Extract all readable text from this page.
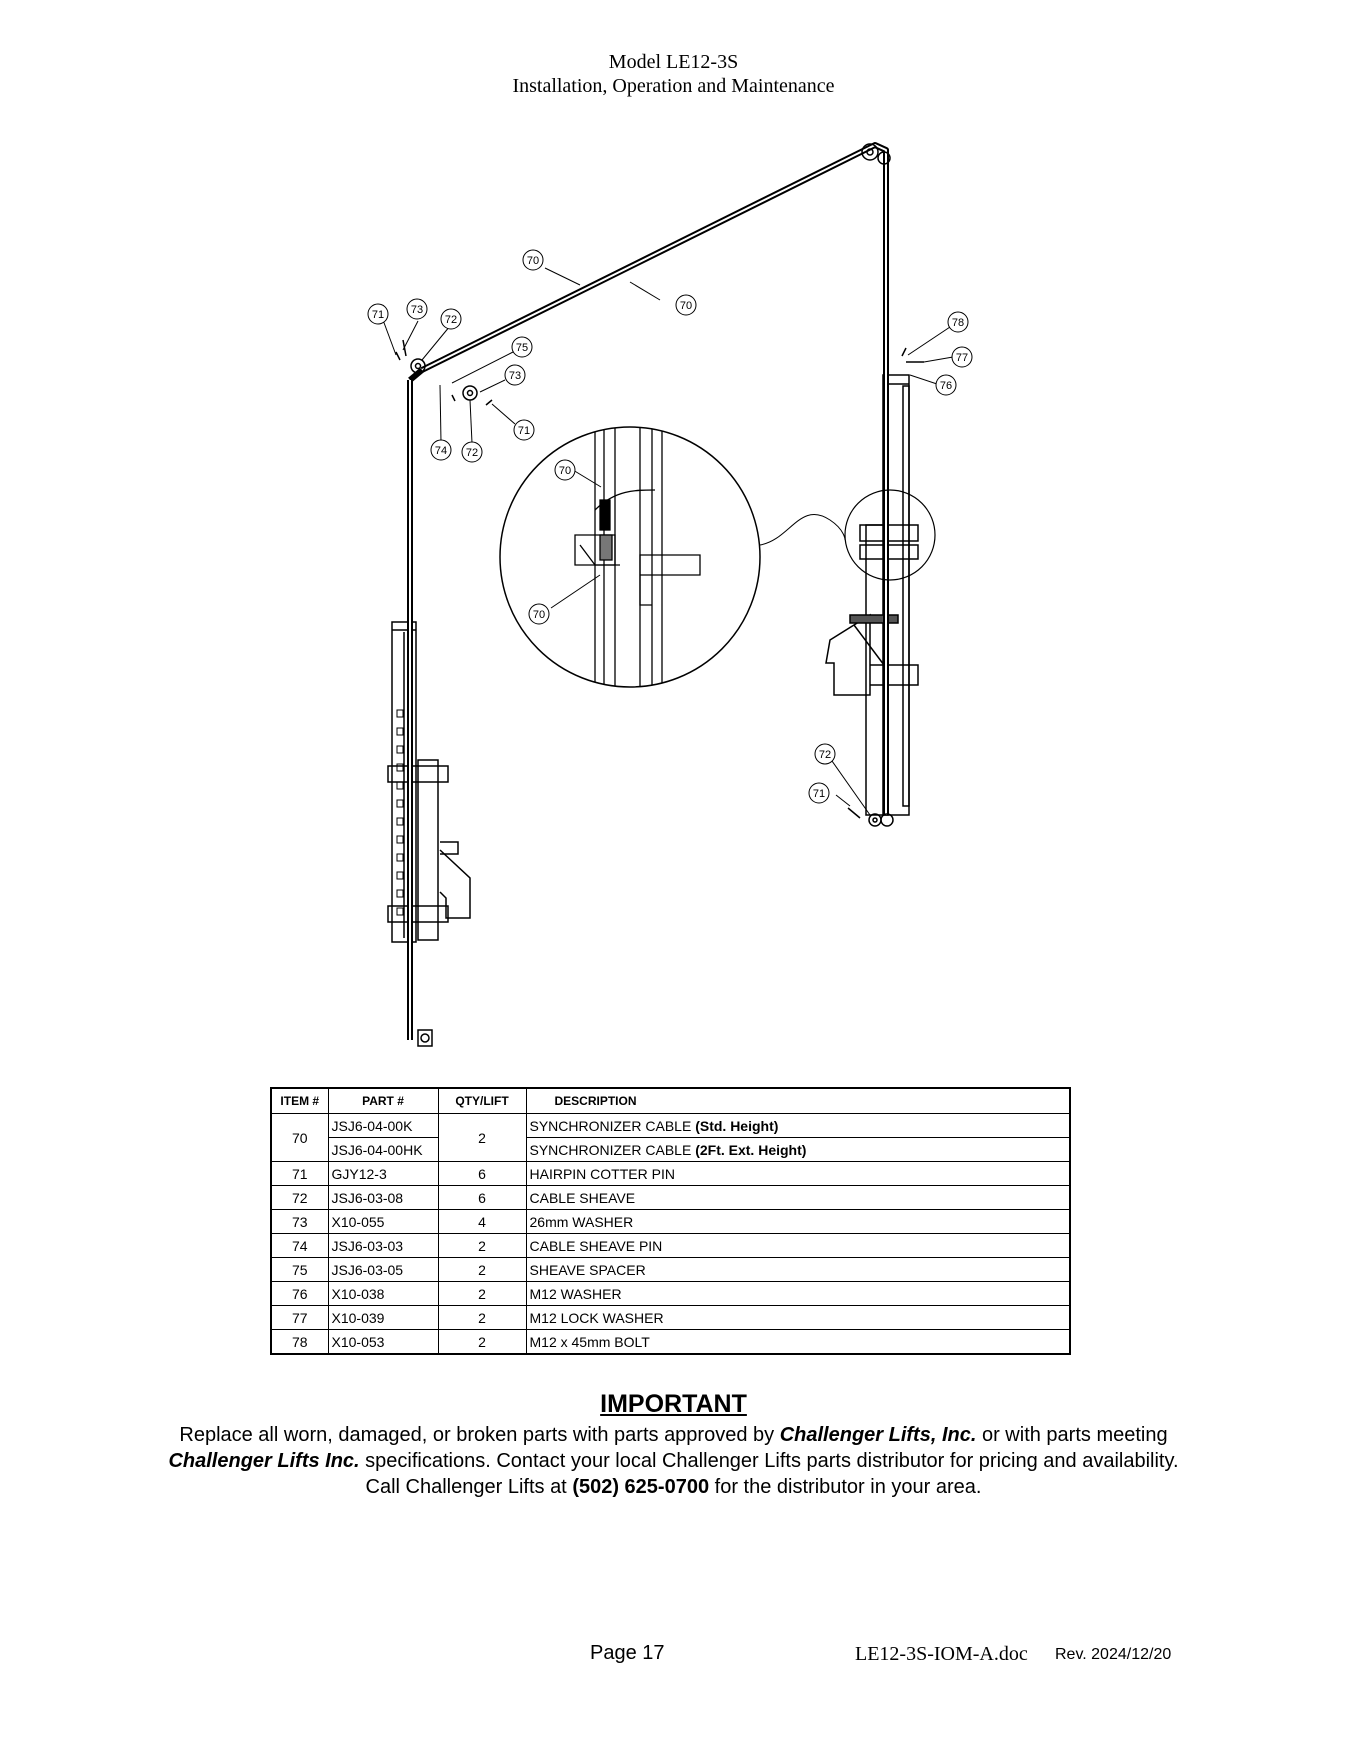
Model LE12-3S
Installation, Operation and Maintenance
70
70
71 73
72
75
73
71
74 72
78
77
76
70
70
72
71
ITEM #	PART #	QTY/LIFT	DESCRIPTION
70	JSJ6-04-00K	2	SYNCHRONIZER CABLE (Std. Height)
	JSJ6-04-00HK		SYNCHRONIZER CABLE (2Ft. Ext. Height)
71	GJY12-3	6	HAIRPIN COTTER PIN
72	JSJ6-03-08	6	CABLE SHEAVE
73	X10-055	4	26mm WASHER
74	JSJ6-03-03	2	CABLE SHEAVE PIN
75	JSJ6-03-05	2	SHEAVE SPACER
76	X10-038	2	M12 WASHER
77	X10-039	2	M12 LOCK WASHER
78	X10-053	2	M12 x 45mm BOLT
IMPORTANT
Replace all worn, damaged, or broken parts with parts approved by Challenger Lifts, Inc. or with parts meeting Challenger Lifts Inc. specifications. Contact your local Challenger Lifts parts distributor for pricing and availability. Call Challenger Lifts at (502) 625-0700 for the distributor in your area.
Page 17	LE12-3S-IOM-A.doc Rev. 2024/12/20
